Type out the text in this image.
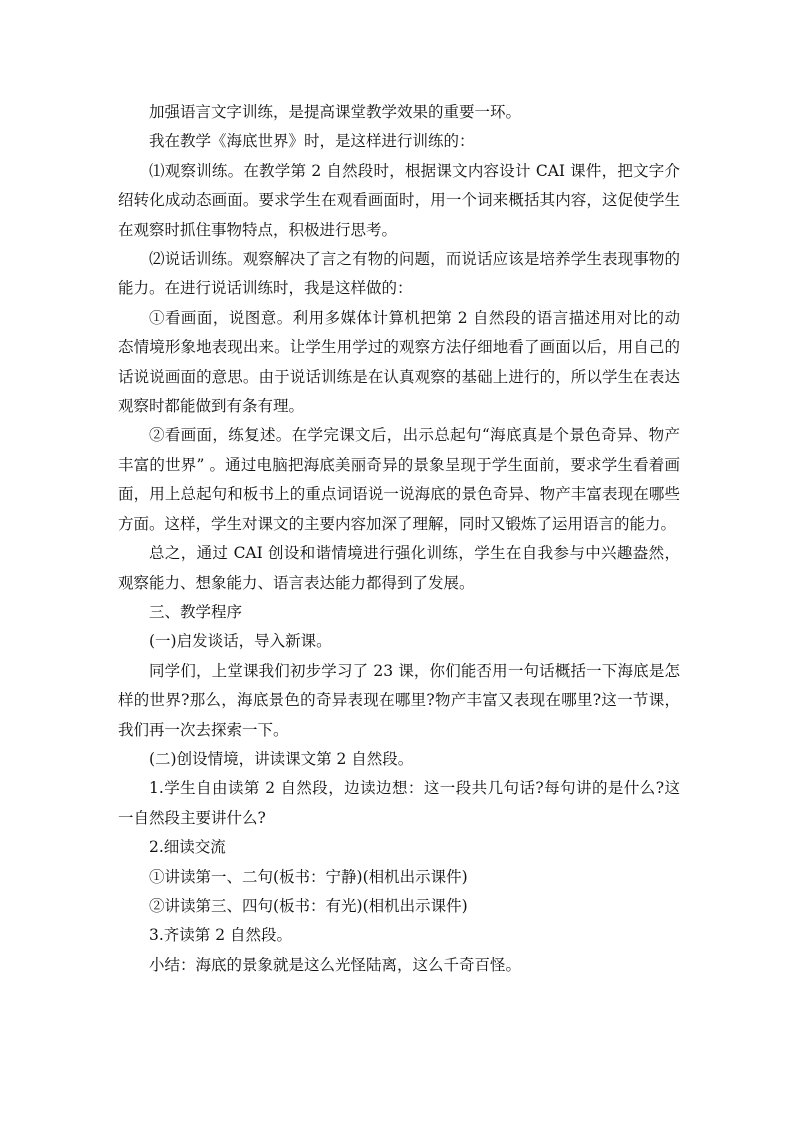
加强语言文字训练，是提高课堂教学效果的重要一环。

我在教学《海底世界》时，是这样进行训练的：

⑴观察训练。在教学第 2 自然段时，根据课文内容设计 CAI 课件，把文字介绍转化成动态画面。要求学生在观看画面时，用一个词来概括其内容，这促使学生在观察时抓住事物特点，积极进行思考。

⑵说话训练。观察解决了言之有物的问题，而说话应该是培养学生表现事物的能力。在进行说话训练时，我是这样做的：

①看画面，说图意。利用多媒体计算机把第 2 自然段的语言描述用对比的动态情境形象地表现出来。让学生用学过的观察方法仔细地看了画面以后，用自己的话说说画面的意思。由于说话训练是在认真观察的基础上进行的，所以学生在表达观察时都能做到有条有理。

②看画面，练复述。在学完课文后，出示总起句“海底真是个景色奇异、物产丰富的世界” 。通过电脑把海底美丽奇异的景象呈现于学生面前，要求学生看着画面，用上总起句和板书上的重点词语说一说海底的景色奇异、物产丰富表现在哪些方面。这样，学生对课文的主要内容加深了理解，同时又锻炼了运用语言的能力。

总之，通过 CAI 创设和谐情境进行强化训练，学生在自我参与中兴趣盎然，观察能力、想象能力、语言表达能力都得到了发展。

三、教学程序

(一)启发谈话，导入新课。

同学们，上堂课我们初步学习了 23 课，你们能否用一句话概括一下海底是怎样的世界?那么，海底景色的奇异表现在哪里?物产丰富又表现在哪里?这一节课，我们再一次去探索一下。

(二)创设情境，讲读课文第 2 自然段。

1.学生自由读第 2 自然段，边读边想：这一段共几句话?每句讲的是什么?这一自然段主要讲什么?

2.细读交流

①讲读第一、二句(板书：宁静)(相机出示课件)

②讲读第三、四句(板书：有光)(相机出示课件)

3.齐读第 2 自然段。

小结：海底的景象就是这么光怪陆离，这么千奇百怪。
